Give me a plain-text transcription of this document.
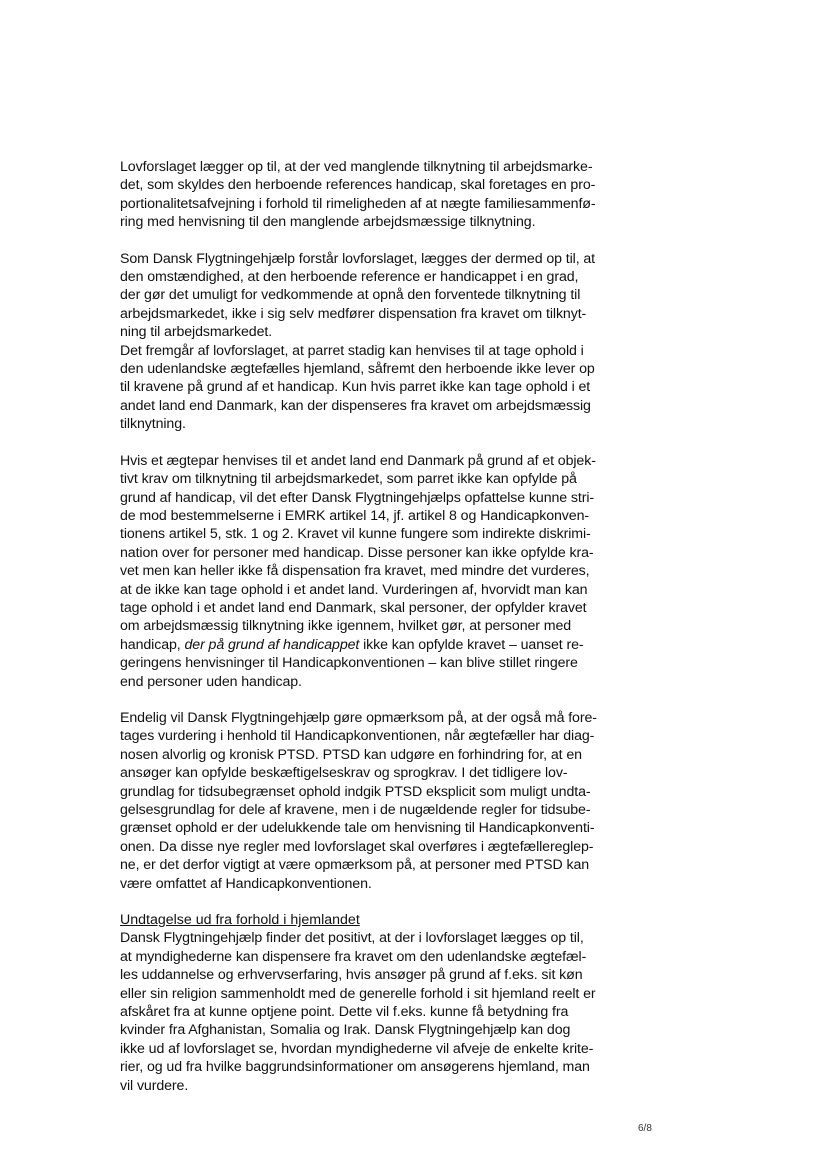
Lovforslaget lægger op til, at der ved manglende tilknytning til arbejdsmarke-
det, som skyldes den herboende references handicap, skal foretages en pro-
portionalitetsafvejning i forhold til rimeligheden af at nægte familiesammenfø-
ring med henvisning til den manglende arbejdsmæssige tilknytning.

Som Dansk Flygtningehjælp forstår lovforslaget, lægges der dermed op til, at
den omstændighed, at den herboende reference er handicappet i en grad,
der gør det umuligt for vedkommende at opnå den forventede tilknytning til
arbejdsmarkedet, ikke i sig selv medfører dispensation fra kravet om tilknyt-
ning til arbejdsmarkedet.

Det fremgår af lovforslaget, at parret stadig kan henvises til at tage ophold i
den udenlandske ægtefælles hjemland, såfremt den herboende ikke lever op
til kravene på grund af et handicap. Kun hvis parret ikke kan tage ophold i et
andet land end Danmark, kan der dispenseres fra kravet om arbejdsmæssig
tilknytning.

Hvis et ægtepar henvises til et andet land end Danmark på grund af et objek-
tivt krav om tilknytning til arbejdsmarkedet, som parret ikke kan opfylde på
grund af handicap, vil det efter Dansk Flygtningehjælps opfattelse kunne stri-
de mod bestemmelserne i EMRK artikel 14, jf. artikel 8 og Handicapkonven-
tionens artikel 5, stk. 1 og 2. Kravet vil kunne fungere som indirekte diskrimi-
nation over for personer med handicap. Disse personer kan ikke opfylde kra-
vet men kan heller ikke få dispensation fra kravet, med mindre det vurderes,
at de ikke kan tage ophold i et andet land. Vurderingen af, hvorvidt man kan
tage ophold i et andet land end Danmark, skal personer, der opfylder kravet
om arbejdsmæssig tilknytning ikke igennem, hvilket gør, at personer med
handicap, der på grund af handicappet ikke kan opfylde kravet – uanset re-
geringens henvisninger til Handicapkonventionen – kan blive stillet ringere
end personer uden handicap.

Endelig vil Dansk Flygtningehjælp gøre opmærksom på, at der også må fore-
tages vurdering i henhold til Handicapkonventionen, når ægtefæller har diag-
nosen alvorlig og kronisk PTSD. PTSD kan udgøre en forhindring for, at en
ansøger kan opfylde beskæftigelseskrav og sprogkrav. I det tidligere lov-
grundlag for tidsubegrænset ophold indgik PTSD eksplicit som muligt undta-
gelsesgrundlag for dele af kravene, men i de nugældende regler for tidsube-
grænset ophold er der udelukkende tale om henvisning til Handicapkonventi-
onen. Da disse nye regler med lovforslaget skal overføres i ægtefællereglер-
ne, er det derfor vigtigt at være opmærksom på, at personer med PTSD kan
være omfattet af Handicapkonventionen.

Undtagelse ud fra forhold i hjemlandet

Dansk Flygtningehjælp finder det positivt, at der i lovforslaget lægges op til,
at myndighederne kan dispensere fra kravet om den udenlandske ægtefæl-
les uddannelse og erhvervserfaring, hvis ansøger på grund af f.eks. sit køn
eller sin religion sammenholdt med de generelle forhold i sit hjemland reelt er
afskåret fra at kunne optjene point. Dette vil f.eks. kunne få betydning fra
kvinder fra Afghanistan, Somalia og Irak. Dansk Flygtningehjælp kan dog
ikke ud af lovforslaget se, hvordan myndighederne vil afveje de enkelte krite-
rier, og ud fra hvilke baggrundsinformationer om ansøgerens hjemland, man
vil vurdere.

6/8
